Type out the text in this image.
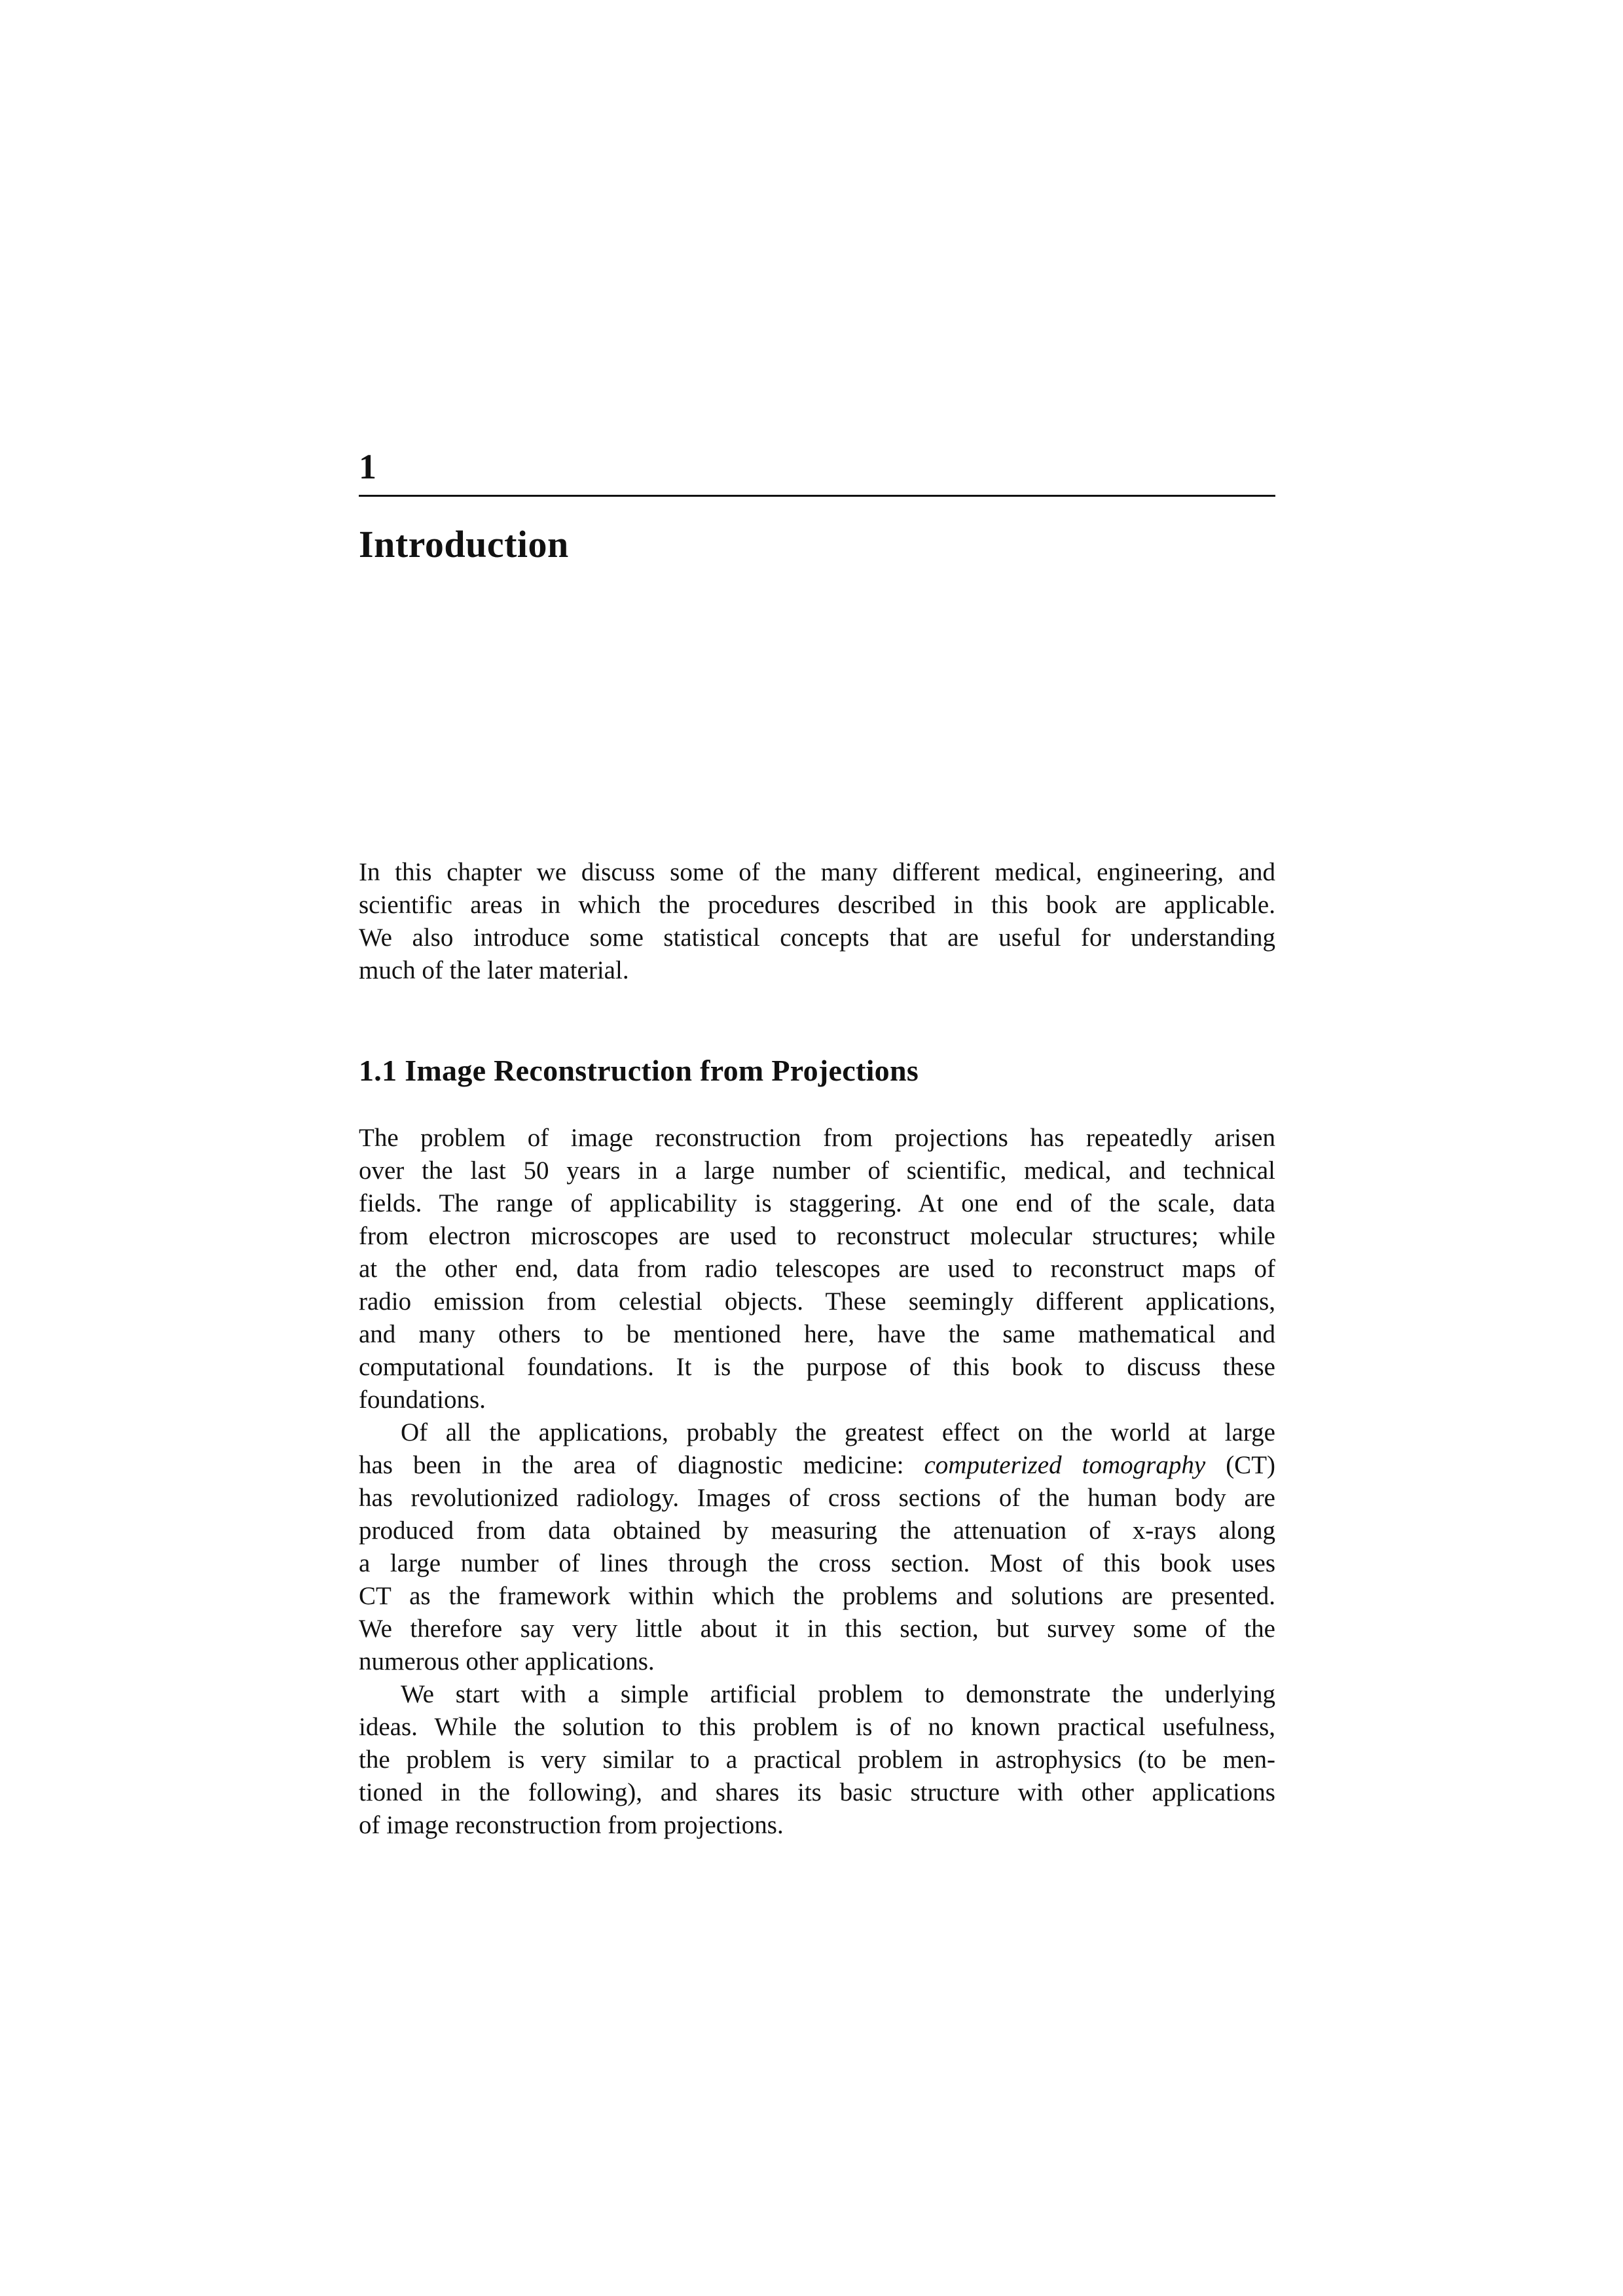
1
Introduction
In this chapter we discuss some of the many different medical, engineering, and
scientific areas in which the procedures described in this book are applicable.
We also introduce some statistical concepts that are useful for understanding
much of the later material.
1.1 Image Reconstruction from Projections
The problem of image reconstruction from projections has repeatedly arisen
over the last 50 years in a large number of scientific, medical, and technical
fields. The range of applicability is staggering. At one end of the scale, data
from electron microscopes are used to reconstruct molecular structures; while
at the other end, data from radio telescopes are used to reconstruct maps of
radio emission from celestial objects. These seemingly different applications,
and many others to be mentioned here, have the same mathematical and
computational foundations. It is the purpose of this book to discuss these
foundations.
Of all the applications, probably the greatest effect on the world at large
has been in the area of diagnostic medicine: computerized tomography (CT)
has revolutionized radiology. Images of cross sections of the human body are
produced from data obtained by measuring the attenuation of x-rays along
a large number of lines through the cross section. Most of this book uses
CT as the framework within which the problems and solutions are presented.
We therefore say very little about it in this section, but survey some of the
numerous other applications.
We start with a simple artificial problem to demonstrate the underlying
ideas. While the solution to this problem is of no known practical usefulness,
the problem is very similar to a practical problem in astrophysics (to be men-
tioned in the following), and shares its basic structure with other applications
of image reconstruction from projections.
